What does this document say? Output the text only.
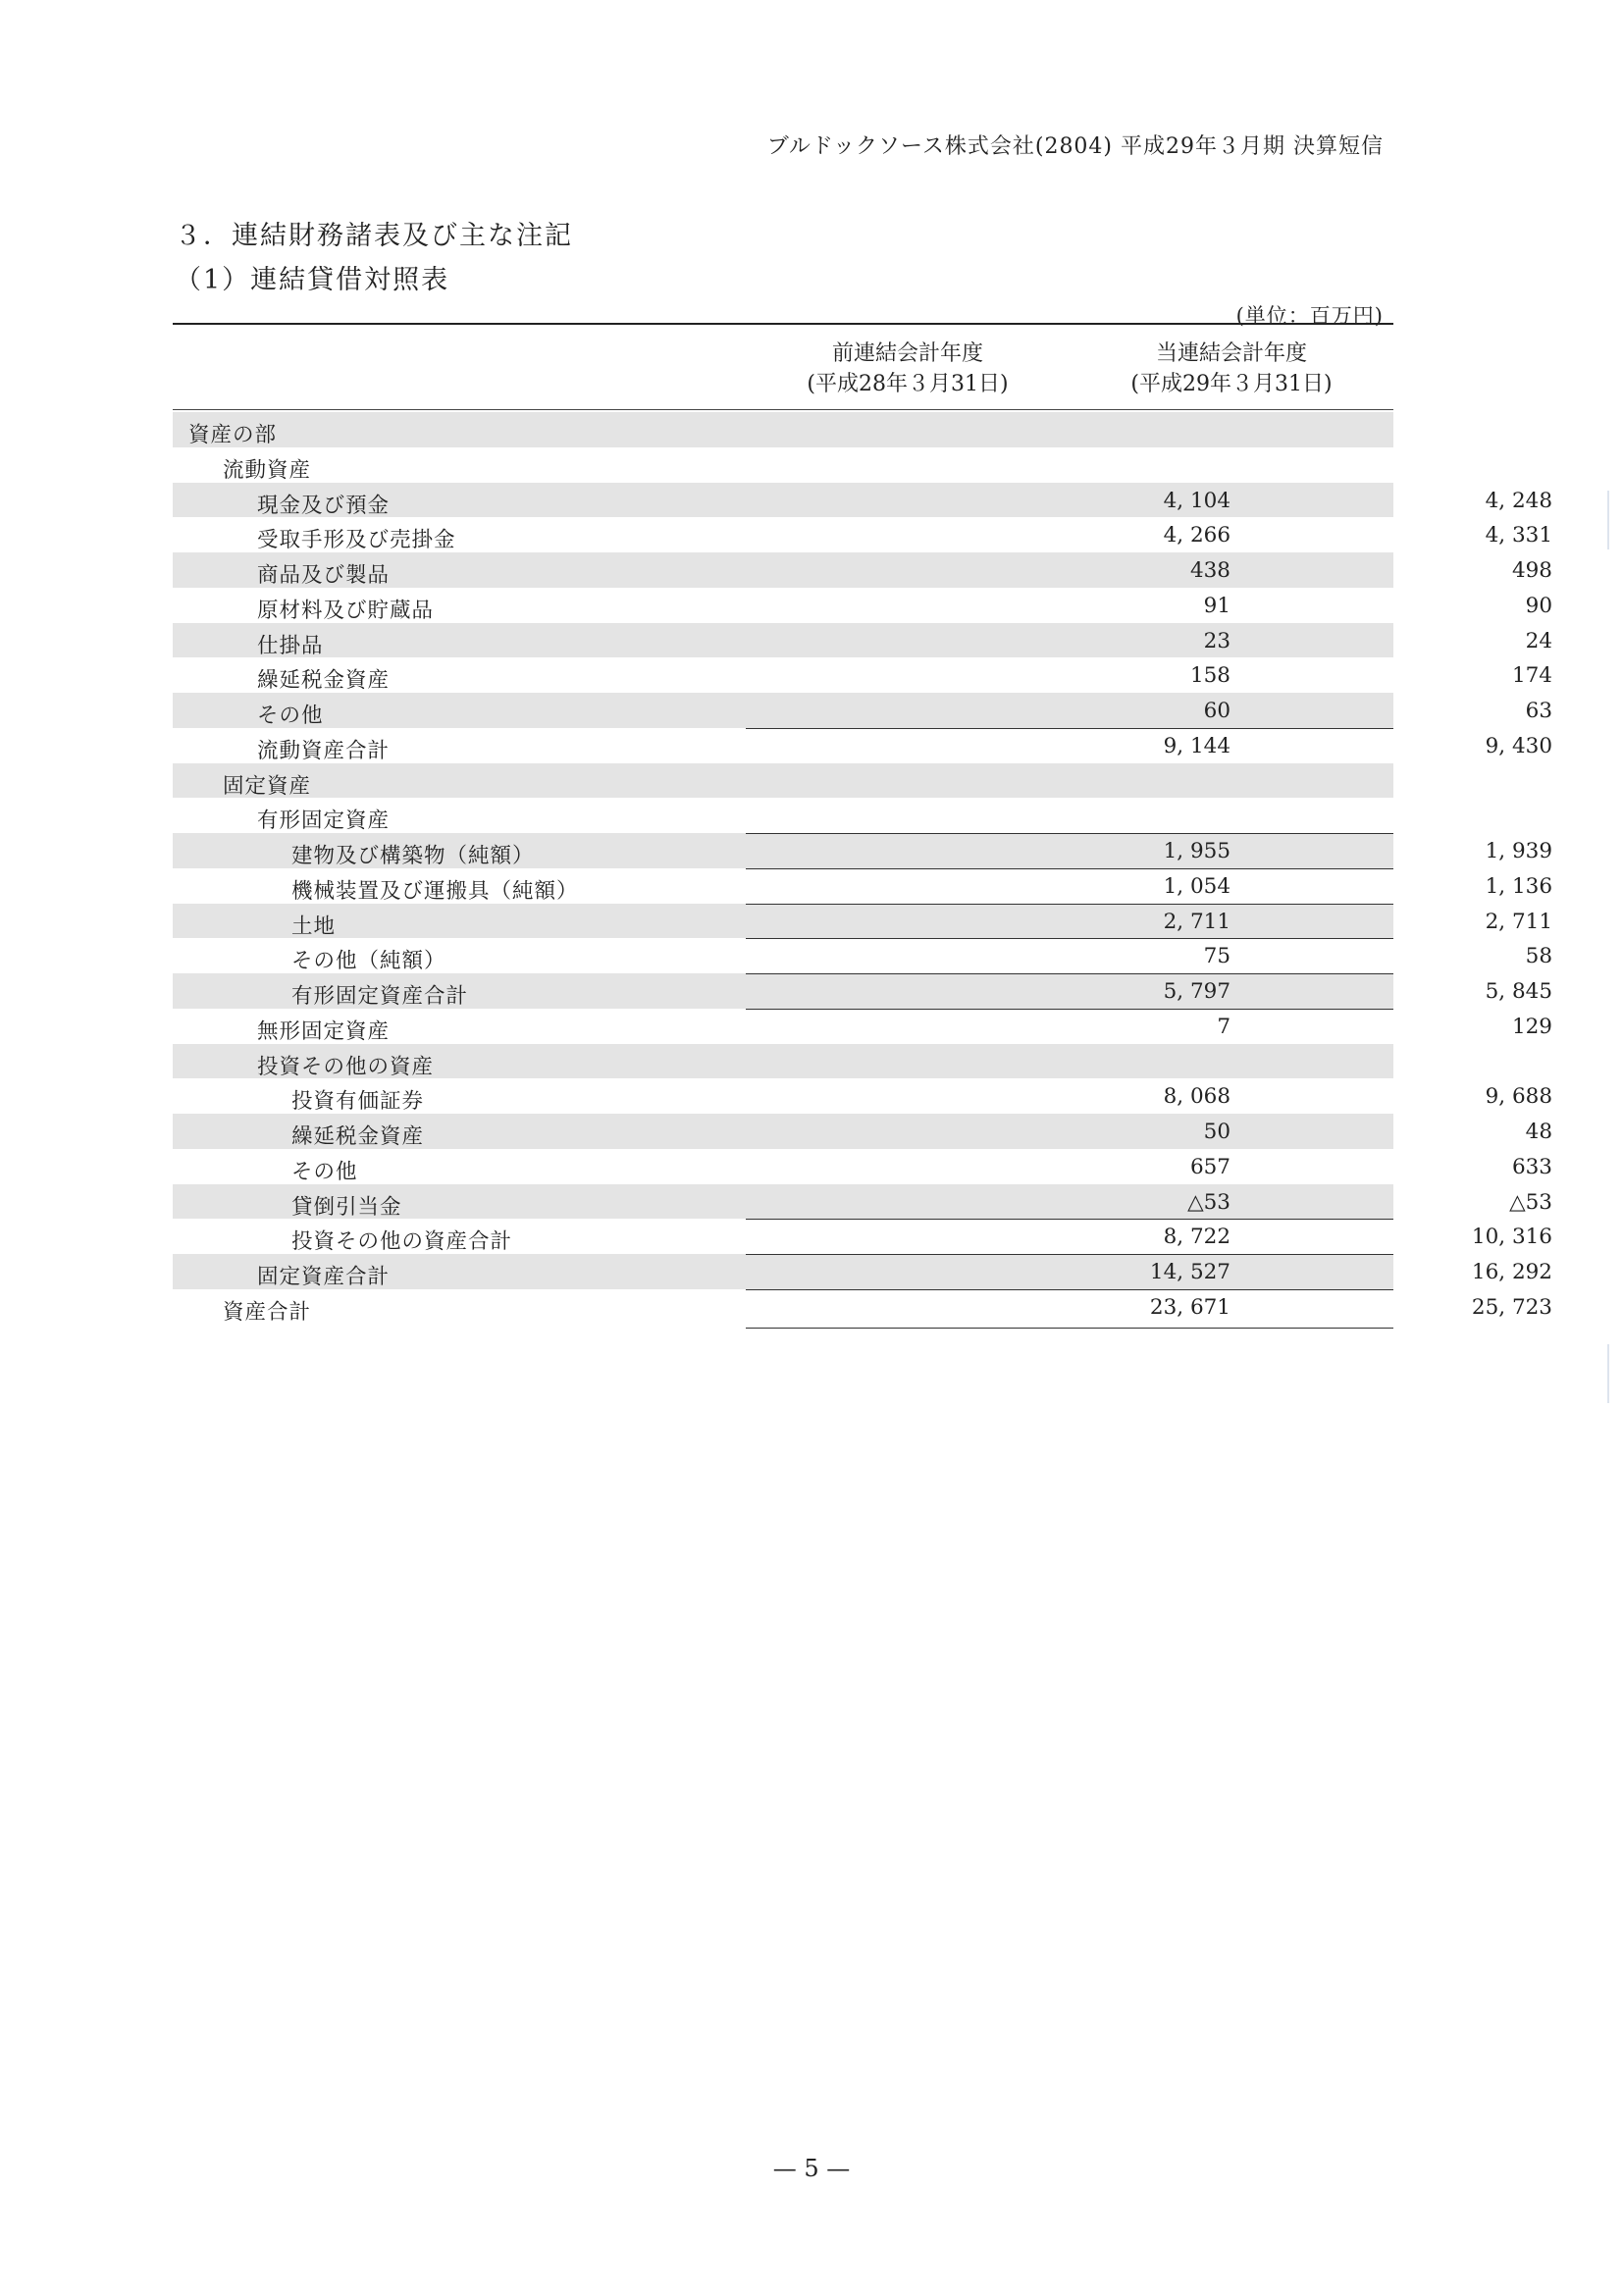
ブルドックソース株式会社(2804) 平成29年３月期 決算短信
３．連結財務諸表及び主な注記
（1）連結貸借対照表
(単位：百万円)
前連結会計年度
(平成28年３月31日)
当連結会計年度
(平成29年３月31日)
資産の部
流動資産
現金及び預金	4, 104	4, 248
受取手形及び売掛金	4, 266	4, 331
商品及び製品	438	498
原材料及び貯蔵品	91	90
仕掛品	23	24
繰延税金資産	158	174
その他	60	63
流動資産合計	9, 144	9, 430
固定資産
有形固定資産
建物及び構築物（純額）	1, 955	1, 939
機械装置及び運搬具（純額）	1, 054	1, 136
土地	2, 711	2, 711
その他（純額）	75	58
有形固定資産合計	5, 797	5, 845
無形固定資産	7	129
投資その他の資産
投資有価証券	8, 068	9, 688
繰延税金資産	50	48
その他	657	633
貸倒引当金	△53	△53
投資その他の資産合計	8, 722	10, 316
固定資産合計	14, 527	16, 292
資産合計	23, 671	25, 723
— 5 —
